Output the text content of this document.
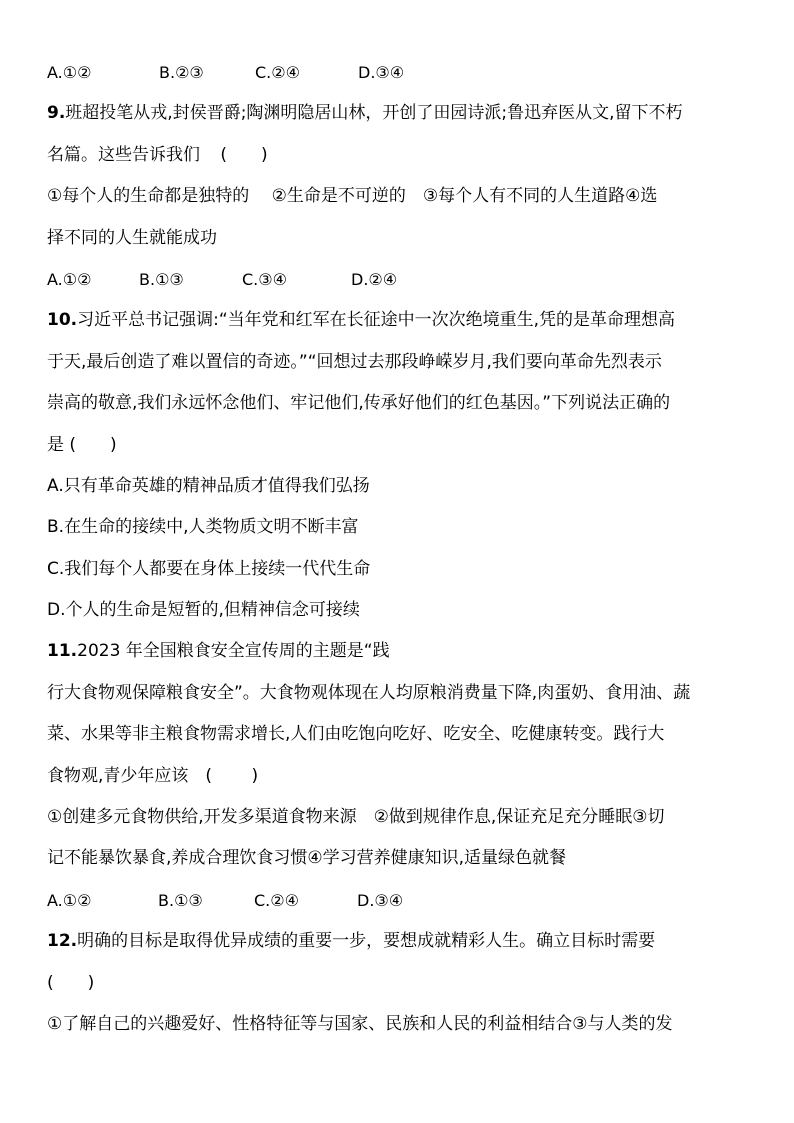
A.①②	B.②③	C.②④	D.③④
9.班超投笔从戎,封侯晋爵;陶渊明隐居山林，开创了田园诗派;鲁迅弃医从文,留下不朽
名篇。这些告诉我们　 (　　)
①每个人的生命都是独特的　 ②生命是不可逆的　③每个人有不同的人生道路④选
择不同的人生就能成功
A.①②	B.①③	C.③④	D.②④
10.习近平总书记强调:“当年党和红军在长征途中一次次绝境重生,凭的是革命理想高
于天,最后创造了难以置信的奇迹。”“回想过去那段峥嵘岁月,我们要向革命先烈表示
崇高的敬意,我们永远怀念他们、牢记他们,传承好他们的红色基因。”下列说法正确的
是 (　　)
A.只有革命英雄的精神品质才值得我们弘扬
B.在生命的接续中,人类物质文明不断丰富
C.我们每个人都要在身体上接续一代代生命
D.个人的生命是短暂的,但精神信念可接续
11.2023 年全国粮食安全宣传周的主题是“践
行大食物观保障粮食安全”。大食物观体现在人均原粮消费量下降,肉蛋奶、食用油、蔬
菜、水果等非主粮食物需求增长,人们由吃饱向吃好、吃安全、吃健康转变。践行大
食物观,青少年应该　(　　 )
①创建多元食物供给,开发多渠道食物来源　②做到规律作息,保证充足充分睡眠③切
记不能暴饮暴食,养成合理饮食习惯④学习营养健康知识,适量绿色就餐
A.①②	B.①③	C.②④	D.③④
12.明确的目标是取得优异成绩的重要一步，要想成就精彩人生。确立目标时需要
(　　)
①了解自己的兴趣爱好、性格特征等与国家、民族和人民的利益相结合③与人类的发
